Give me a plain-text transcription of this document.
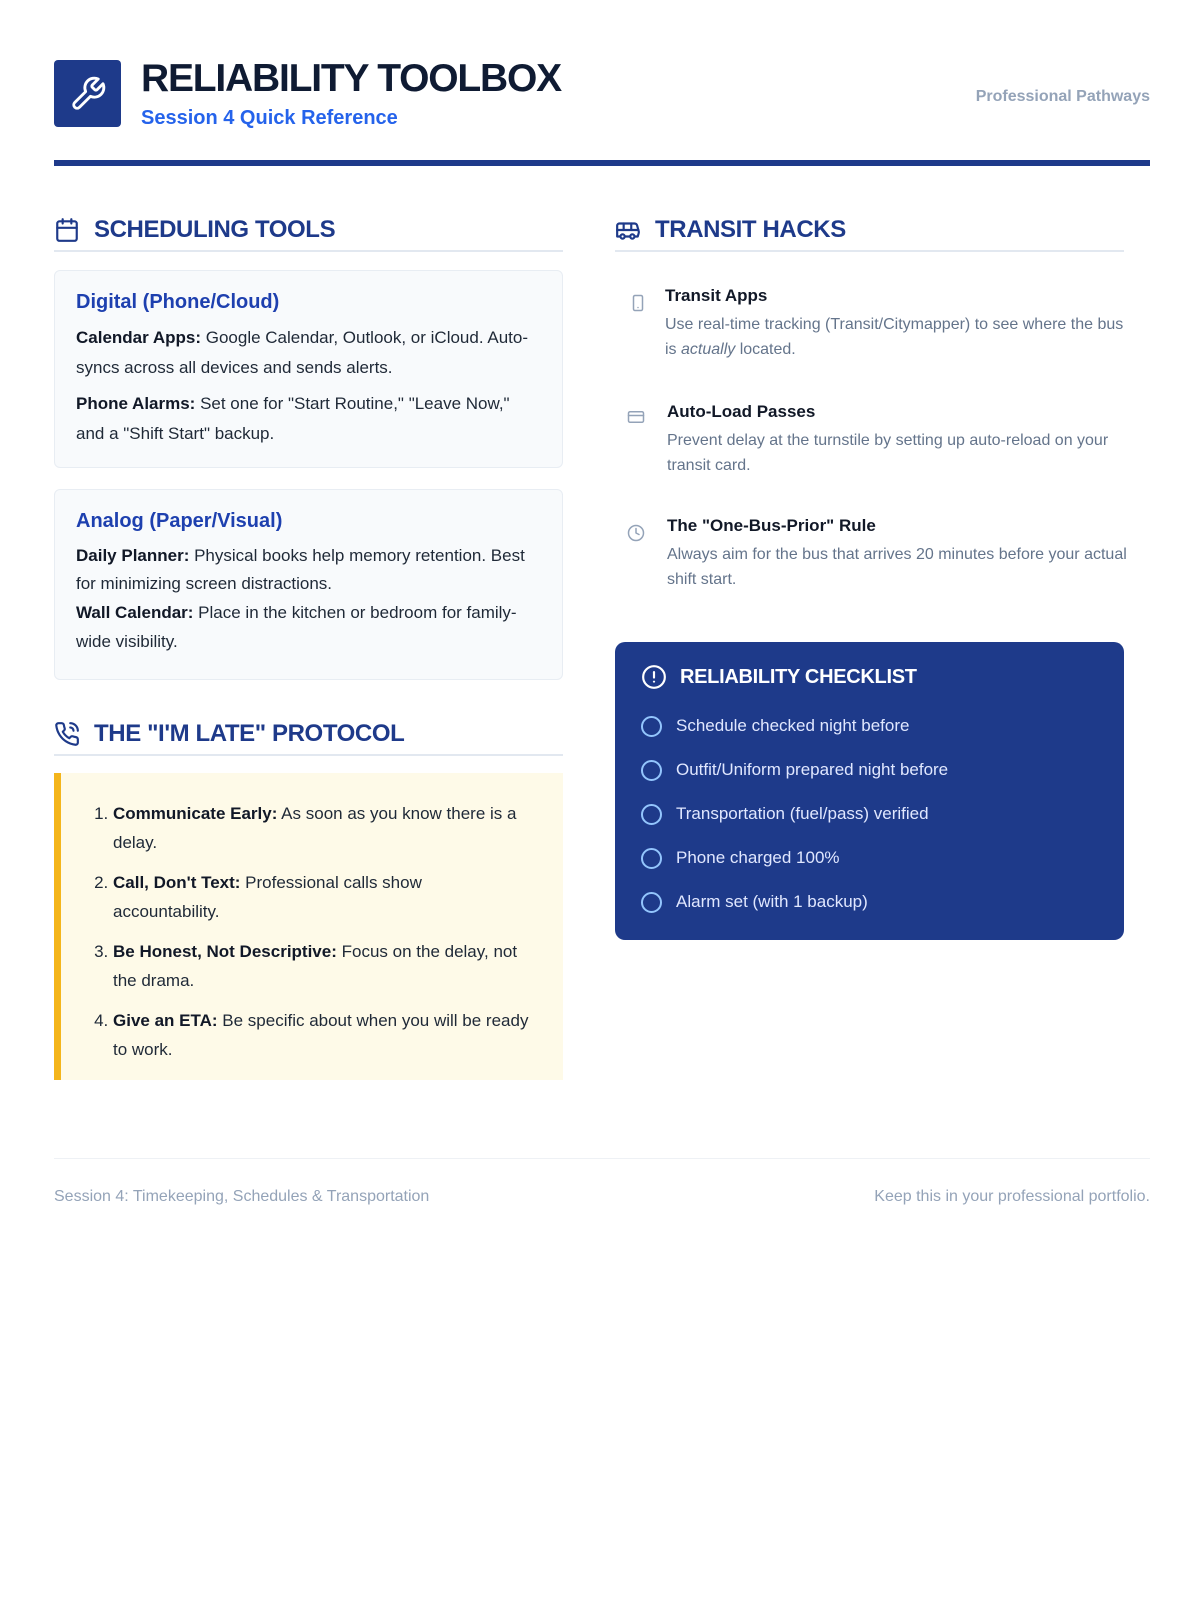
RELIABILITY TOOLBOX
Session 4 Quick Reference
Professional Pathways
SCHEDULING TOOLS
Digital (Phone/Cloud)

Calendar Apps: Google Calendar, Outlook, or iCloud. Auto-syncs across all devices and sends alerts.

Phone Alarms: Set one for "Start Routine," "Leave Now," and a "Shift Start" backup.

Analog (Paper/Visual)

Daily Planner: Physical books help memory retention. Best for minimizing screen distractions.

Wall Calendar: Place in the kitchen or bedroom for family-wide visibility.

THE "I'M LATE" PROTOCOL
1. Communicate Early: As soon as you know there is a delay.
2. Call, Don't Text: Professional calls show accountability.
3. Be Honest, Not Descriptive: Focus on the delay, not the drama.
4. Give an ETA: Be specific about when you will be ready to work.
TRANSIT HACKS
Transit Apps
Use real-time tracking (Transit/Citymapper) to see where the bus is actually located.
Auto-Load Passes
Prevent delay at the turnstile by setting up auto-reload on your transit card.
The "One-Bus-Prior" Rule
Always aim for the bus that arrives 20 minutes before your actual shift start.
RELIABILITY CHECKLIST
Schedule checked night before
Outfit/Uniform prepared night before
Transportation (fuel/pass) verified
Phone charged 100%
Alarm set (with 1 backup)
Session 4: Timekeeping, Schedules & Transportation	Keep this in your professional portfolio.
